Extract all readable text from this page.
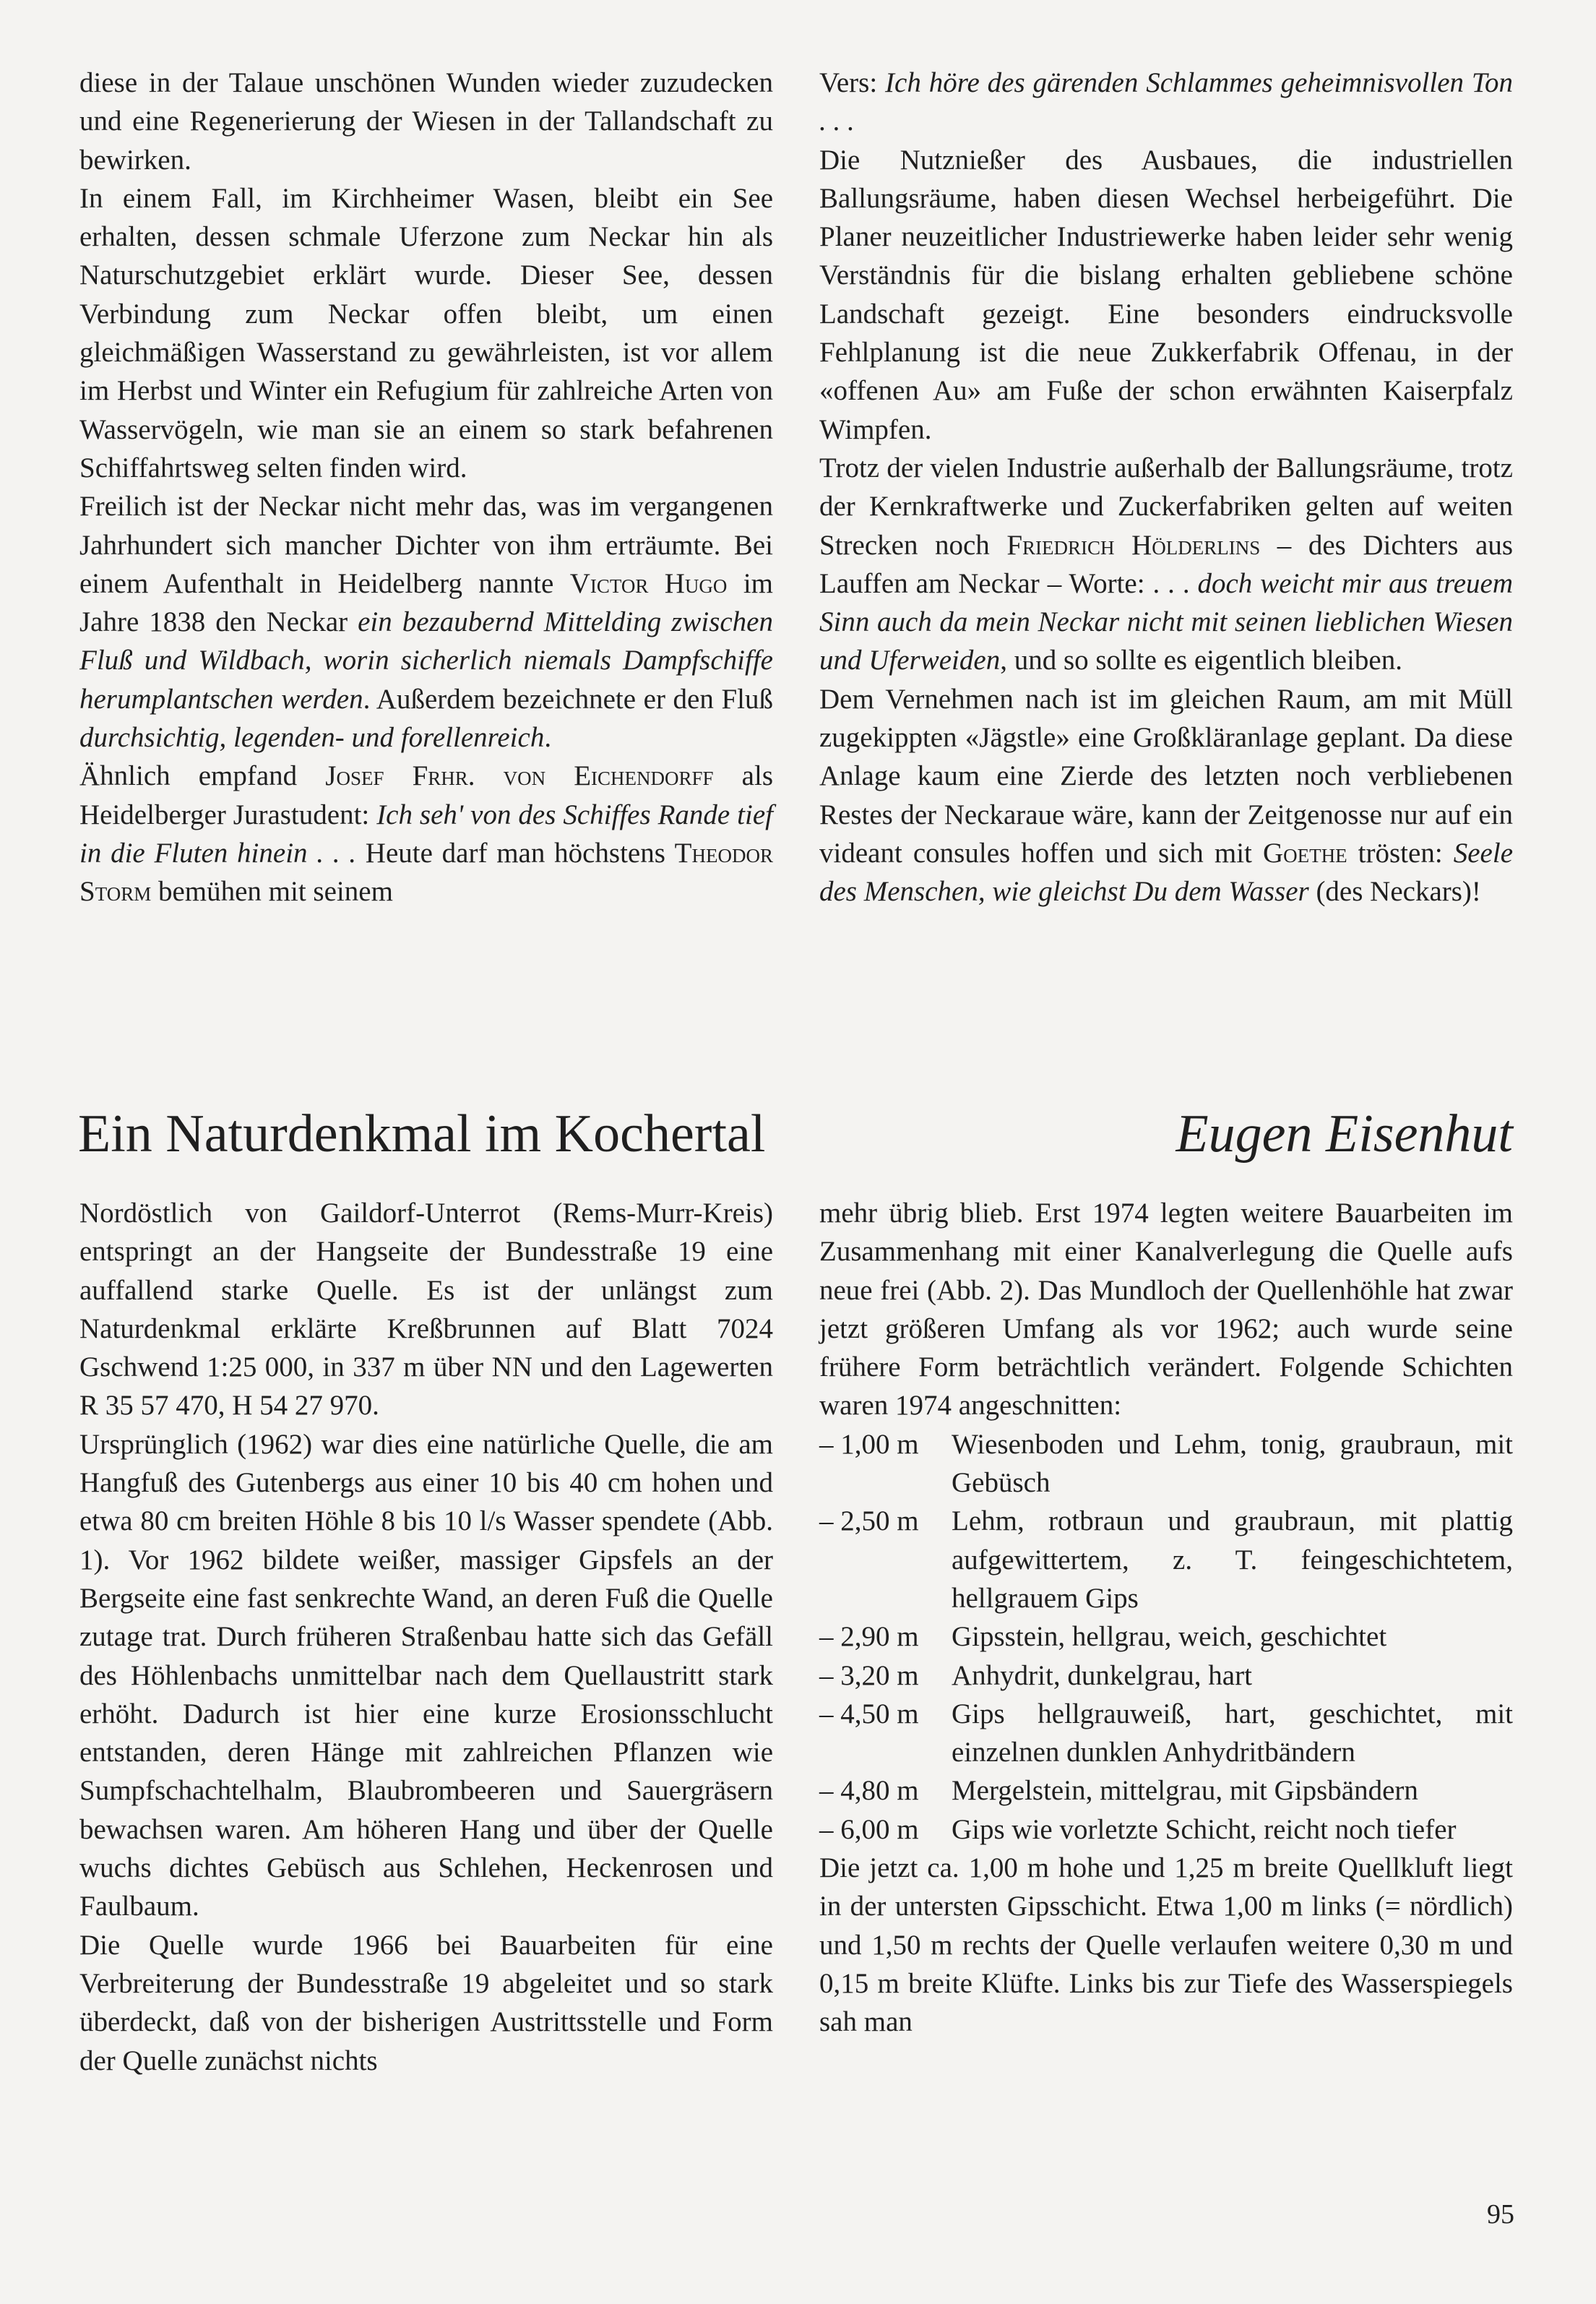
diese in der Talaue unschönen Wunden wieder zuzudecken und eine Regenerierung der Wiesen in der Tallandschaft zu bewirken.

In einem Fall, im Kirchheimer Wasen, bleibt ein See erhalten, dessen schmale Uferzone zum Neckar hin als Naturschutzgebiet erklärt wurde. Dieser See, dessen Verbindung zum Neckar offen bleibt, um einen gleichmäßigen Wasserstand zu gewährleisten, ist vor allem im Herbst und Winter ein Refugium für zahlreiche Arten von Wasservögeln, wie man sie an einem so stark befahrenen Schiffahrtsweg selten finden wird.

Freilich ist der Neckar nicht mehr das, was im vergangenen Jahrhundert sich mancher Dichter von ihm erträumte. Bei einem Aufenthalt in Heidelberg nannte Victor Hugo im Jahre 1838 den Neckar ein bezaubernd Mittelding zwischen Fluß und Wildbach, worin sicherlich niemals Dampfschiffe herumplantschen werden. Außerdem bezeichnete er den Fluß durchsichtig, legenden- und forellenreich.

Ähnlich empfand Josef Frhr. von Eichendorff als Heidelberger Jurastudent: Ich seh' von des Schiffes Rande tief in die Fluten hinein . . . Heute darf man höchstens Theodor Storm bemühen mit seinem

Vers: Ich höre des gärenden Schlammes geheimnisvollen Ton . . .

Die Nutznießer des Ausbaues, die industriellen Ballungsräume, haben diesen Wechsel herbeigeführt. Die Planer neuzeitlicher Industriewerke haben leider sehr wenig Verständnis für die bislang erhalten gebliebene schöne Landschaft gezeigt. Eine besonders eindrucksvolle Fehlplanung ist die neue Zukkerfabrik Offenau, in der «offenen Au» am Fuße der schon erwähnten Kaiserpfalz Wimpfen.

Trotz der vielen Industrie außerhalb der Ballungsräume, trotz der Kernkraftwerke und Zuckerfabriken gelten auf weiten Strecken noch Friedrich Hölderlins – des Dichters aus Lauffen am Neckar – Worte: . . . doch weicht mir aus treuem Sinn auch da mein Neckar nicht mit seinen lieblichen Wiesen und Uferweiden, und so sollte es eigentlich bleiben.

Dem Vernehmen nach ist im gleichen Raum, am mit Müll zugekippten «Jägstle» eine Großkläranlage geplant. Da diese Anlage kaum eine Zierde des letzten noch verbliebenen Restes der Neckaraue wäre, kann der Zeitgenosse nur auf ein videant consules hoffen und sich mit Goethe trösten: Seele des Menschen, wie gleichst Du dem Wasser (des Neckars)!

Ein Naturdenkmal im Kochertal	Eugen Eisenhut

Nordöstlich von Gaildorf-Unterrot (Rems-Murr-Kreis) entspringt an der Hangseite der Bundesstraße 19 eine auffallend starke Quelle. Es ist der unlängst zum Naturdenkmal erklärte Kreßbrunnen auf Blatt 7024 Gschwend 1:25 000, in 337 m über NN und den Lagewerten R 35 57 470, H 54 27 970.

Ursprünglich (1962) war dies eine natürliche Quelle, die am Hangfuß des Gutenbergs aus einer 10 bis 40 cm hohen und etwa 80 cm breiten Höhle 8 bis 10 l/s Wasser spendete (Abb. 1). Vor 1962 bildete weißer, massiger Gipsfels an der Bergseite eine fast senkrechte Wand, an deren Fuß die Quelle zutage trat. Durch früheren Straßenbau hatte sich das Gefäll des Höhlenbachs unmittelbar nach dem Quellaustritt stark erhöht. Dadurch ist hier eine kurze Erosionsschlucht entstanden, deren Hänge mit zahlreichen Pflanzen wie Sumpfschachtelhalm, Blaubrombeeren und Sauergräsern bewachsen waren. Am höheren Hang und über der Quelle wuchs dichtes Gebüsch aus Schlehen, Heckenrosen und Faulbaum.

Die Quelle wurde 1966 bei Bauarbeiten für eine Verbreiterung der Bundesstraße 19 abgeleitet und so stark überdeckt, daß von der bisherigen Austrittsstelle und Form der Quelle zunächst nichts

mehr übrig blieb. Erst 1974 legten weitere Bauarbeiten im Zusammenhang mit einer Kanalverlegung die Quelle aufs neue frei (Abb. 2). Das Mundloch der Quellenhöhle hat zwar jetzt größeren Umfang als vor 1962; auch wurde seine frühere Form beträchtlich verändert. Folgende Schichten waren 1974 angeschnitten:

– 1,00 m	Wiesenboden und Lehm, tonig, graubraun, mit Gebüsch
– 2,50 m	Lehm, rotbraun und graubraun, mit plattig aufgewittertem, z. T. feingeschichtetem, hellgrauem Gips
– 2,90 m	Gipsstein, hellgrau, weich, geschichtet
– 3,20 m	Anhydrit, dunkelgrau, hart
– 4,50 m	Gips hellgrauweiß, hart, geschichtet, mit einzelnen dunklen Anhydritbändern
– 4,80 m	Mergelstein, mittelgrau, mit Gipsbändern
– 6,00 m	Gips wie vorletzte Schicht, reicht noch tiefer

Die jetzt ca. 1,00 m hohe und 1,25 m breite Quellkluft liegt in der untersten Gipsschicht. Etwa 1,00 m links (= nördlich) und 1,50 m rechts der Quelle verlaufen weitere 0,30 m und 0,15 m breite Klüfte. Links bis zur Tiefe des Wasserspiegels sah man

95
